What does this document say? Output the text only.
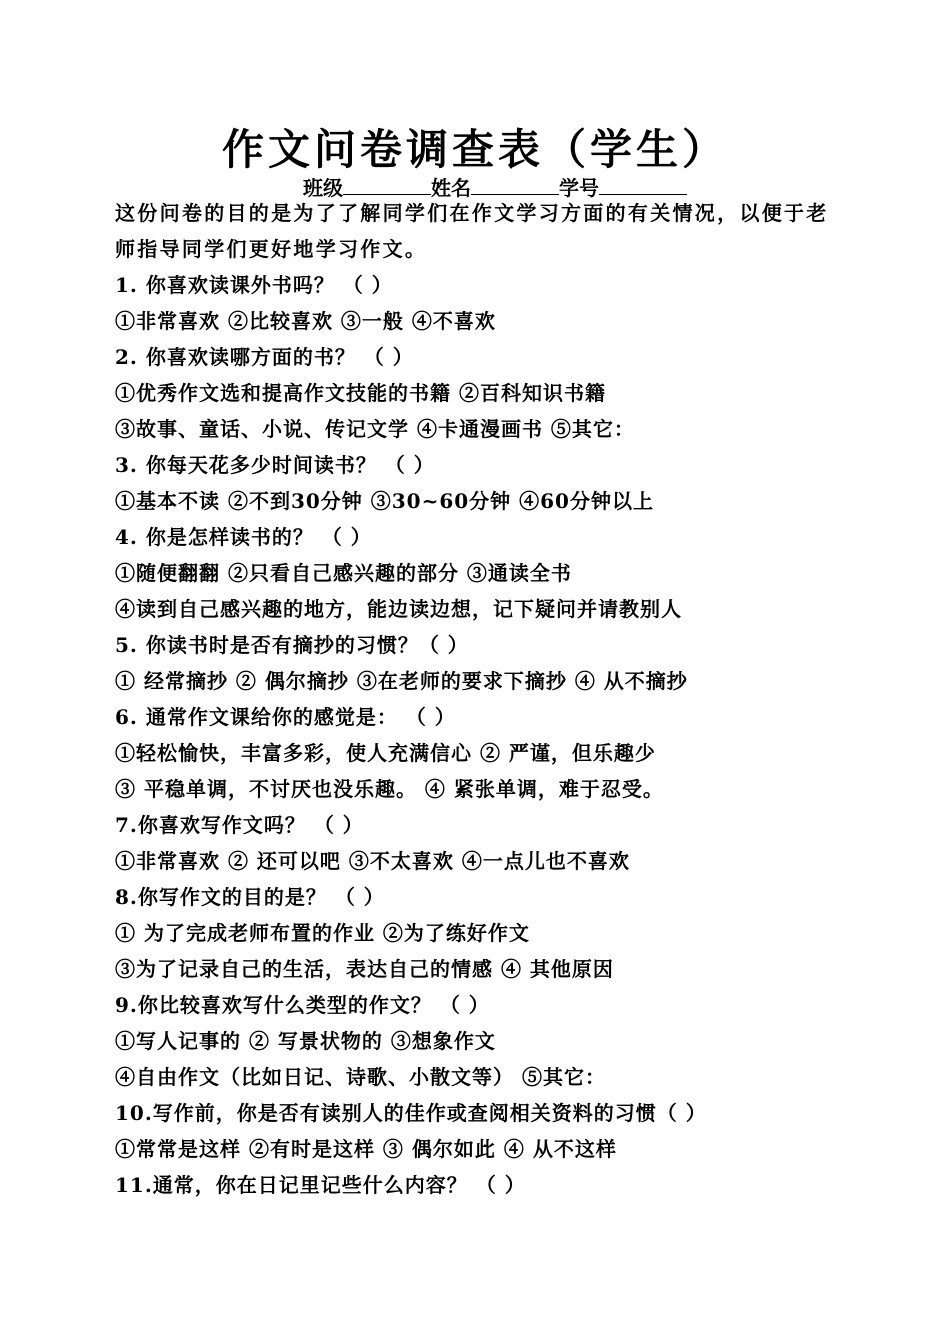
作文问卷调查表（学生）
班级	姓名	学号
这份问卷的目的是为了了解同学们在作文学习方面的有关情况，以便于老
师指导同学们更好地学习作文。
1. 你喜欢读课外书吗？ （ ）
①非常喜欢 ②比较喜欢 ③一般 ④不喜欢
2. 你喜欢读哪方面的书？ （ ）
①优秀作文选和提高作文技能的书籍 ②百科知识书籍
③故事、童话、小说、传记文学 ④卡通漫画书 ⑤其它：
3. 你每天花多少时间读书？ （ ）
①基本不读 ②不到30分钟 ③30~60分钟 ④60分钟以上
4. 你是怎样读书的？ （ ）
①随便翻翻 ②只看自己感兴趣的部分 ③通读全书
④读到自己感兴趣的地方，能边读边想，记下疑问并请教别人
5. 你读书时是否有摘抄的习惯？（ ）
① 经常摘抄 ② 偶尔摘抄 ③在老师的要求下摘抄 ④ 从不摘抄
6. 通常作文课给你的感觉是： （ ）
①轻松愉快，丰富多彩，使人充满信心 ② 严谨，但乐趣少
③ 平稳单调，不讨厌也没乐趣。 ④ 紧张单调，难于忍受。
7.你喜欢写作文吗？ （ ）
①非常喜欢 ② 还可以吧 ③不太喜欢 ④一点儿也不喜欢
8.你写作文的目的是？ （ ）
① 为了完成老师布置的作业 ②为了练好作文
③为了记录自己的生活，表达自己的情感 ④ 其他原因
9.你比较喜欢写什么类型的作文？ （ ）
①写人记事的 ② 写景状物的 ③想象作文
④自由作文（比如日记、诗歌、小散文等） ⑤其它：
10.写作前，你是否有读别人的佳作或查阅相关资料的习惯（ ）
①常常是这样 ②有时是这样 ③ 偶尔如此 ④ 从不这样
11.通常，你在日记里记些什么内容？ （ ）
